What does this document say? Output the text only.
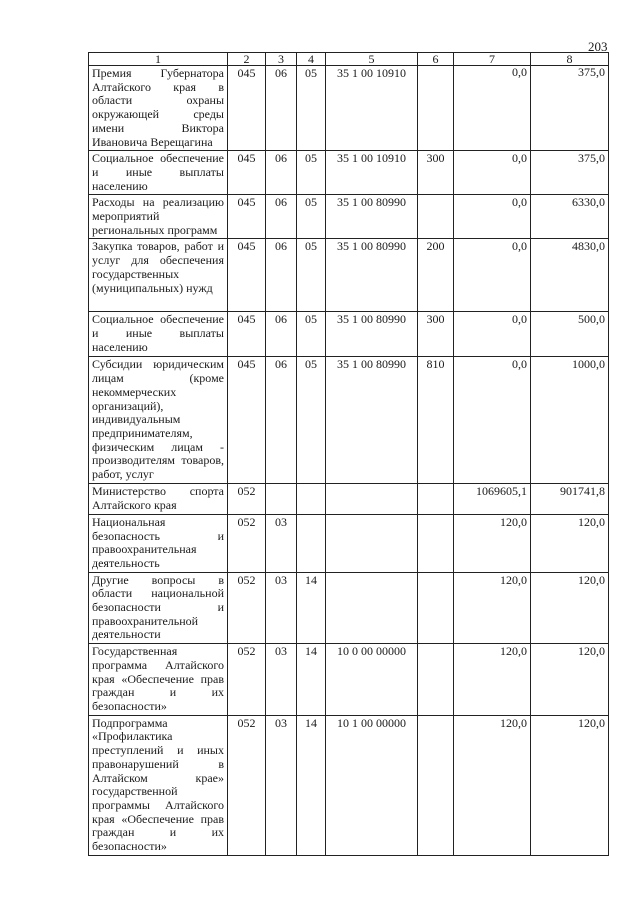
203
1	2	3	4	5	6	7	8
Премия Губернатора Алтайского края в области охраны окружающей среды имени Виктора Ивановича Верещагина	045	06	05	35 1 00 10910		0,0	375,0
Социальное обеспечение и иные выплаты населению	045	06	05	35 1 00 10910	300	0,0	375,0
Расходы на реализацию мероприятий региональных программ	045	06	05	35 1 00 80990		0,0	6330,0
Закупка товаров, работ и услуг для обеспечения государственных (муниципальных) нужд	045	06	05	35 1 00 80990	200	0,0	4830,0
Социальное обеспечение и иные выплаты населению	045	06	05	35 1 00 80990	300	0,0	500,0
Субсидии юридическим лицам (кроме некоммерческих организаций), индивидуальным предпринимателям, физическим лицам - производителям товаров, работ, услуг	045	06	05	35 1 00 80990	810	0,0	1000,0
Министерство спорта Алтайского края	052					1069605,1	901741,8
Национальная безопасность и правоохранительная деятельность	052	03				120,0	120,0
Другие вопросы в области национальной безопасности и правоохранительной деятельности	052	03	14			120,0	120,0
Государственная программа Алтайского края «Обеспечение прав граждан и их безопасности»	052	03	14	10 0 00 00000		120,0	120,0
Подпрограмма «Профилактика преступлений и иных правонарушений в Алтайском крае» государственной программы Алтайского края «Обеспечение прав граждан и их безопасности»	052	03	14	10 1 00 00000		120,0	120,0
